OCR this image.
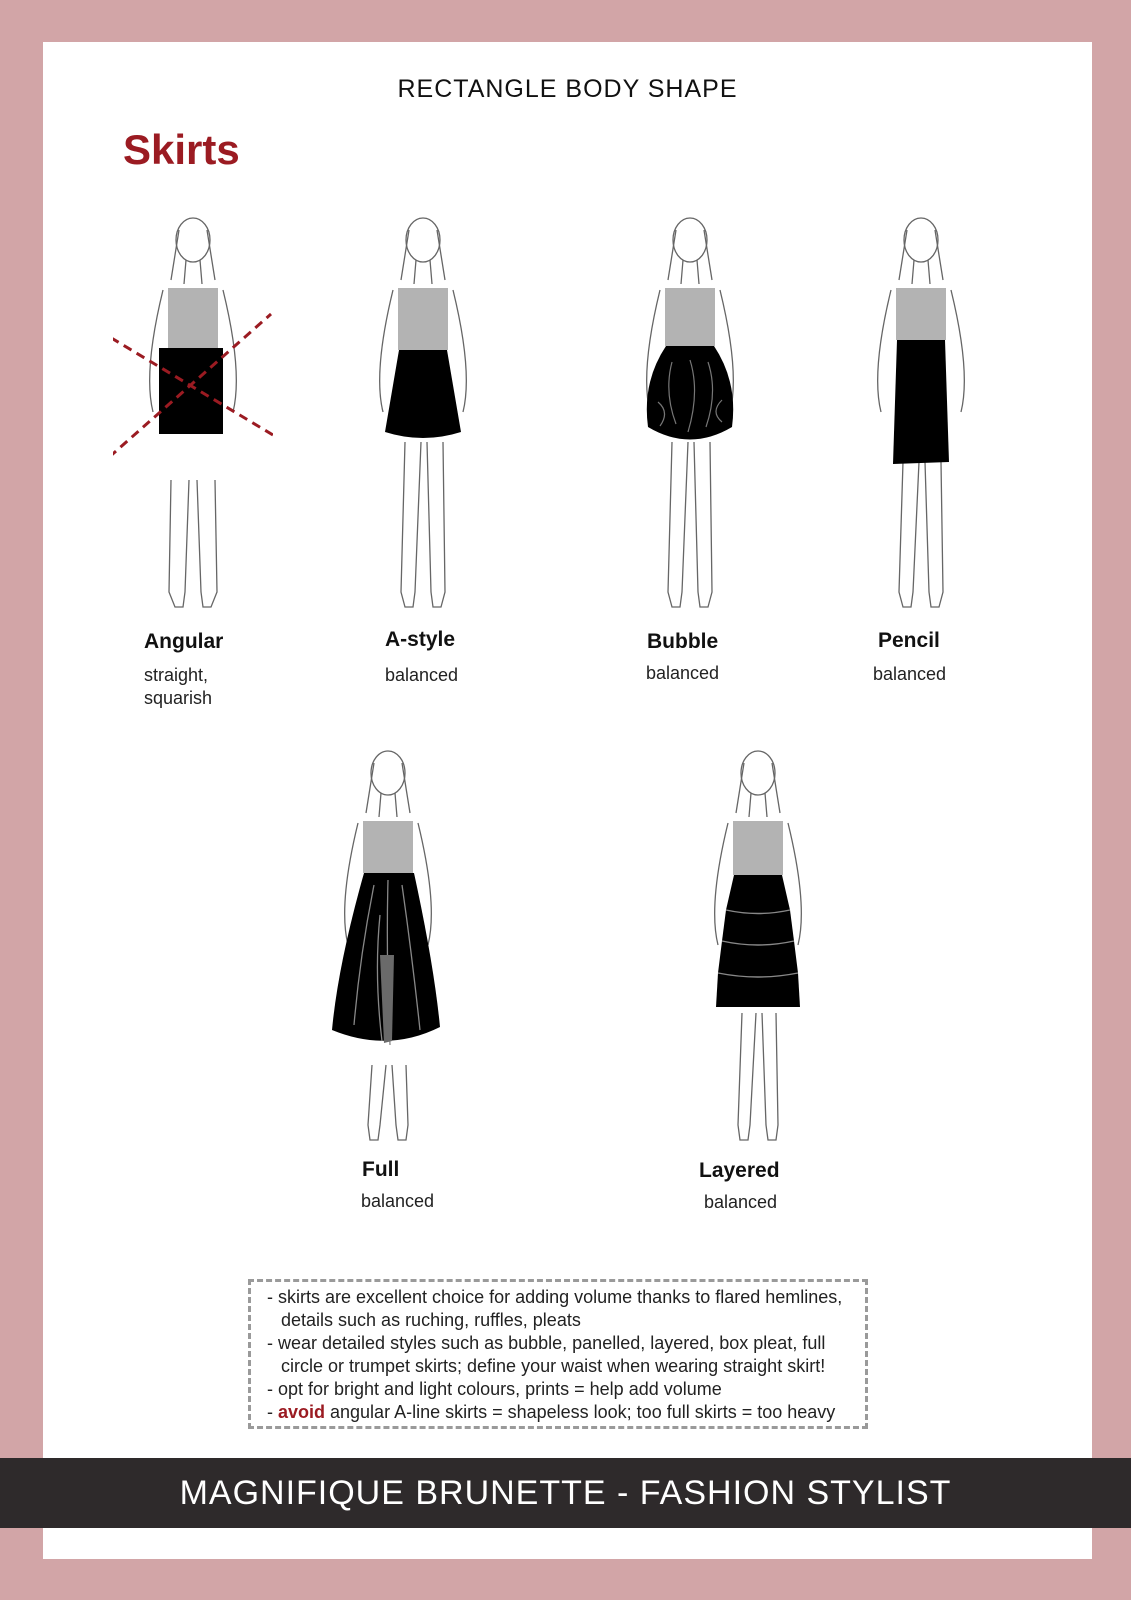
RECTANGLE BODY SHAPE
Skirts
Angular
straight,
squarish
A-style
balanced
Bubble
balanced
Pencil
balanced
Full
balanced
Layered
balanced
- skirts are excellent choice for adding volume thanks to flared hemlines, details such as ruching, ruffles, pleats
- wear detailed styles such as bubble, panelled, layered, box pleat, full circle or trumpet skirts; define your waist when wearing straight skirt!
- opt for bright and light colours, prints = help add volume
- avoid angular A-line skirts = shapeless look; too full skirts = too heavy
MAGNIFIQUE BRUNETTE - FASHION STYLIST
